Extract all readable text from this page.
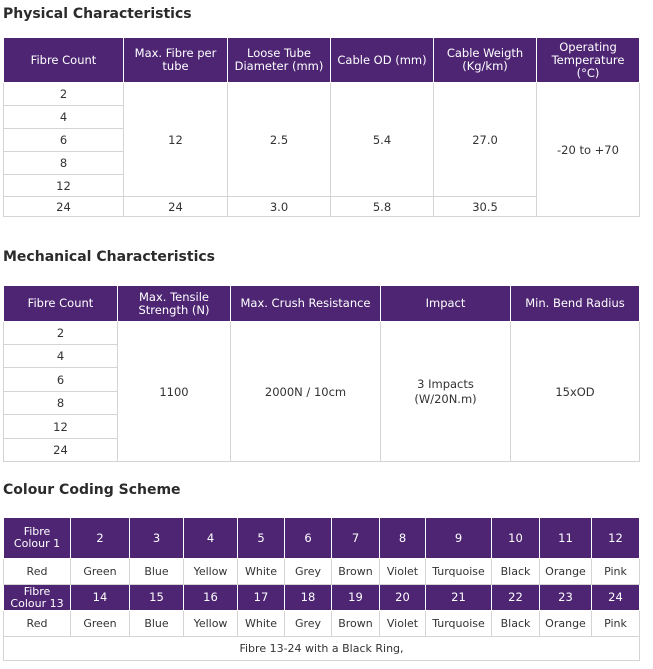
Physical Characteristics
Fibre Count	Max. Fibre per tube	Loose Tube Diameter (mm)	Cable OD (mm)	Cable Weigth (Kg/km)	Operating Temperature (°C)
2	12	2.5	5.4	27.0	-20 to +70
4					
6					
8					
12					
24	24	3.0	5.8	30.5	
Mechanical Characteristics
Fibre Count	Max. Tensile Strength (N)	Max. Crush Resistance	Impact	Min. Bend Radius
2	1100	2000N / 10cm	3 Impacts (W/20N.m)	15xOD
4				
6				
8				
12				
24				
Colour Coding Scheme
Fibre Colour 1	2	3	4	5	6	7	8	9	10	11	12
Red	Green	Blue	Yellow	White	Grey	Brown	Violet	Turquoise	Black	Orange	Pink
Fibre Colour 13	14	15	16	17	18	19	20	21	22	23	24
Red	Green	Blue	Yellow	White	Grey	Brown	Violet	Turquoise	Black	Orange	Pink
Fibre 13-24 with a Black Ring,											
